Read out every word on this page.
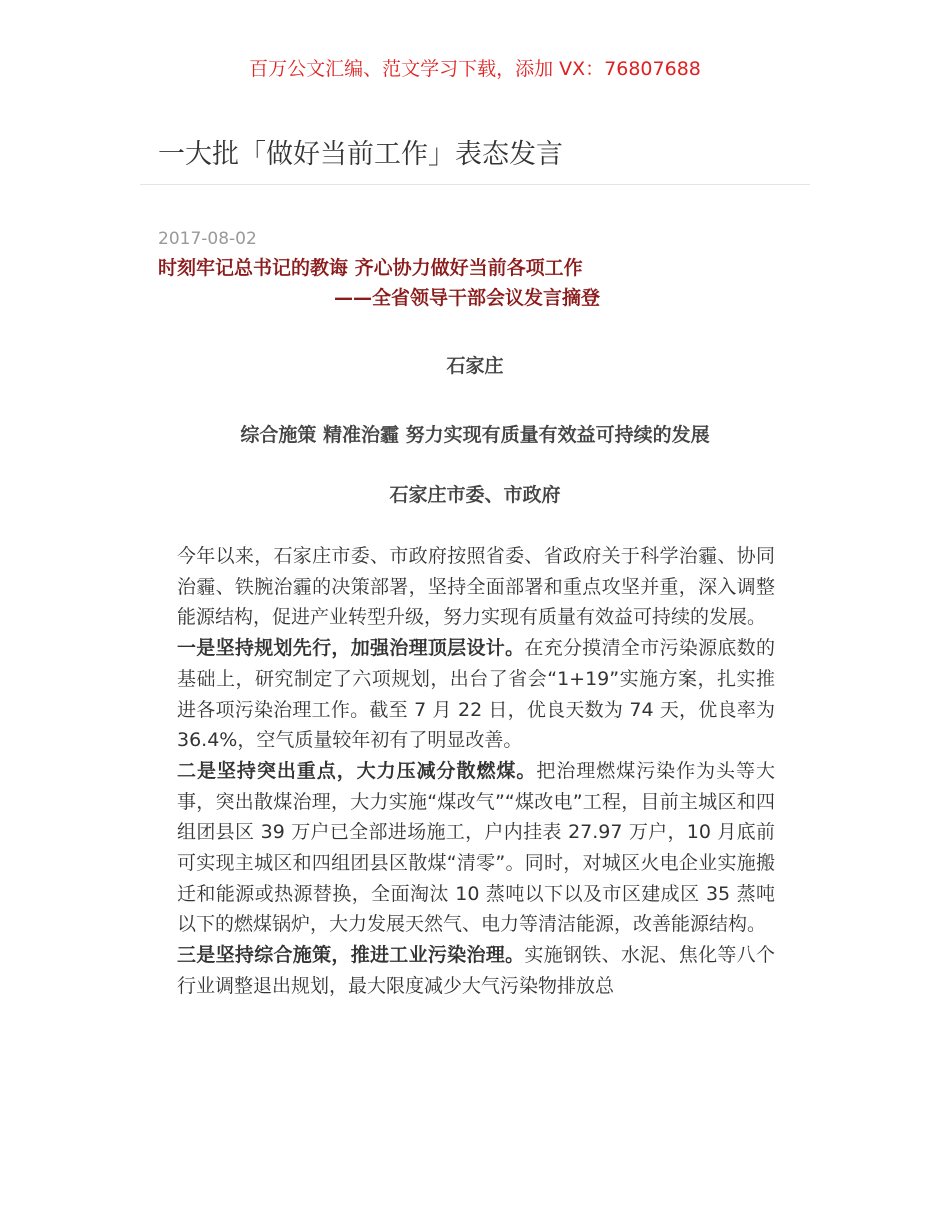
百万公文汇编、范文学习下载，添加 VX：76807688
一大批「做好当前工作」表态发言
2017-08-02
时刻牢记总书记的教诲 齐心协力做好当前各项工作
——全省领导干部会议发言摘登
石家庄
综合施策 精准治霾 努力实现有质量有效益可持续的发展
石家庄市委、市政府

今年以来，石家庄市委、市政府按照省委、省政府关于科学治霾、协同治霾、铁腕治霾的决策部署，坚持全面部署和重点攻坚并重，深入调整能源结构，促进产业转型升级，努力实现有质量有效益可持续的发展。

一是坚持规划先行，加强治理顶层设计。在充分摸清全市污染源底数的基础上，研究制定了六项规划，出台了省会“1+19”实施方案，扎实推进各项污染治理工作。截至 7 月 22 日，优良天数为 74 天，优良率为 36.4%，空气质量较年初有了明显改善。

二是坚持突出重点，大力压减分散燃煤。把治理燃煤污染作为头等大事，突出散煤治理，大力实施“煤改气”“煤改电”工程，目前主城区和四组团县区 39 万户已全部进场施工，户内挂表 27.97 万户，10 月底前可实现主城区和四组团县区散煤“清零”。同时，对城区火电企业实施搬迁和能源或热源替换，全面淘汰 10 蒸吨以下以及市区建成区 35 蒸吨以下的燃煤锅炉，大力发展天然气、电力等清洁能源，改善能源结构。

三是坚持综合施策，推进工业污染治理。实施钢铁、水泥、焦化等八个行业调整退出规划，最大限度减少大气污染物排放总
